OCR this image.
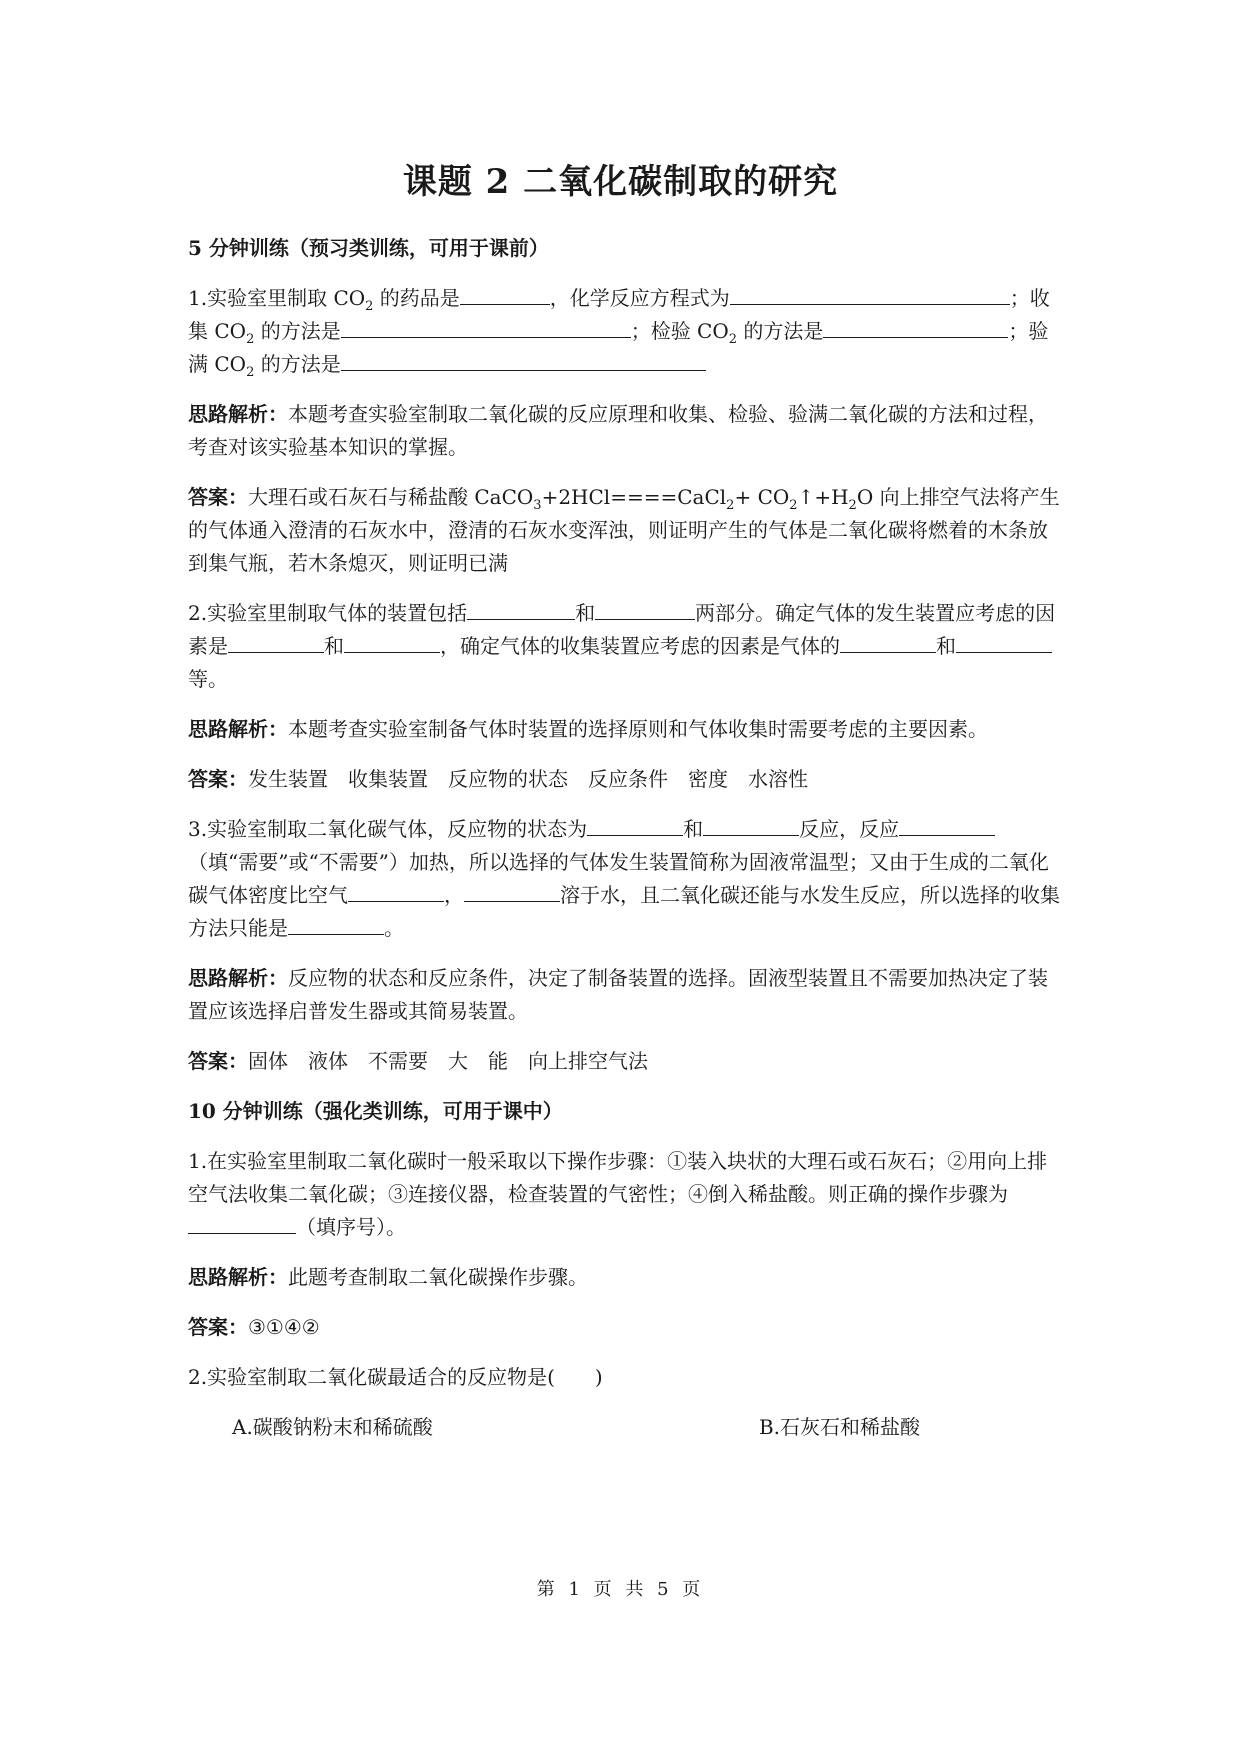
课题 2 二氧化碳制取的研究
5 分钟训练（预习类训练，可用于课前）
1.实验室里制取 $CO_2$ 的药品是	，化学反应方程式为	；收集 $CO_2$ 的方法是	；检验 $CO_2$ 的方法是	；验满 $CO_2$ 的方法是
思路解析：本题考查实验室制取二氧化碳的反应原理和收集、检验、验满二氧化碳的方法和过程，考查对该实验基本知识的掌握。
答案：大理石或石灰石与稀盐酸 CaCO$_3$+2HCl====CaCl$_2$+ $CO_2↑+H_2O$ 向上排空气法将产生的气体通入澄清的石灰水中，澄清的石灰水变浑浊，则证明产生的气体是二氧化碳将燃着的木条放到集气瓶，若木条熄灭，则证明已满
2.实验室里制取气体的装置包括	和	两部分。确定气体的发生装置应考虑的因素是	和	，确定气体的收集装置应考虑的因素是气体的	和等。
思路解析：本题考查实验室制备气体时装置的选择原则和气体收集时需要考虑的主要因素。
答案：发生装置　收集装置　反应物的状态　反应条件　密度　水溶性
3.实验室制取二氧化碳气体，反应物的状态为	和	反应，反应（填“需要”或“不需要”）加热，所以选择的气体发生装置简称为固液常温型；又由于生成的二氧化碳气体密度比空气	，	溶于水，且二氧化碳还能与水发生反应，所以选择的收集方法只能是	。
思路解析：反应物的状态和反应条件，决定了制备装置的选择。固液型装置且不需要加热决定了装置应该选择启普发生器或其简易装置。
答案：固体　液体　不需要　大　能　向上排空气法
10 分钟训练（强化类训练，可用于课中）
1.在实验室里制取二氧化碳时一般采取以下操作步骤：①装入块状的大理石或石灰石；②用向上排空气法收集二氧化碳；③连接仪器，检查装置的气密性；④倒入稀盐酸。则正确的操作步骤为（填序号）。
思路解析：此题考查制取二氧化碳操作步骤。
答案：③①④②
2.实验室制取二氧化碳最适合的反应物是(　　)
A.碳酸钠粉末和稀硫酸	B.石灰石和稀盐酸
第 1 页 共 5 页
